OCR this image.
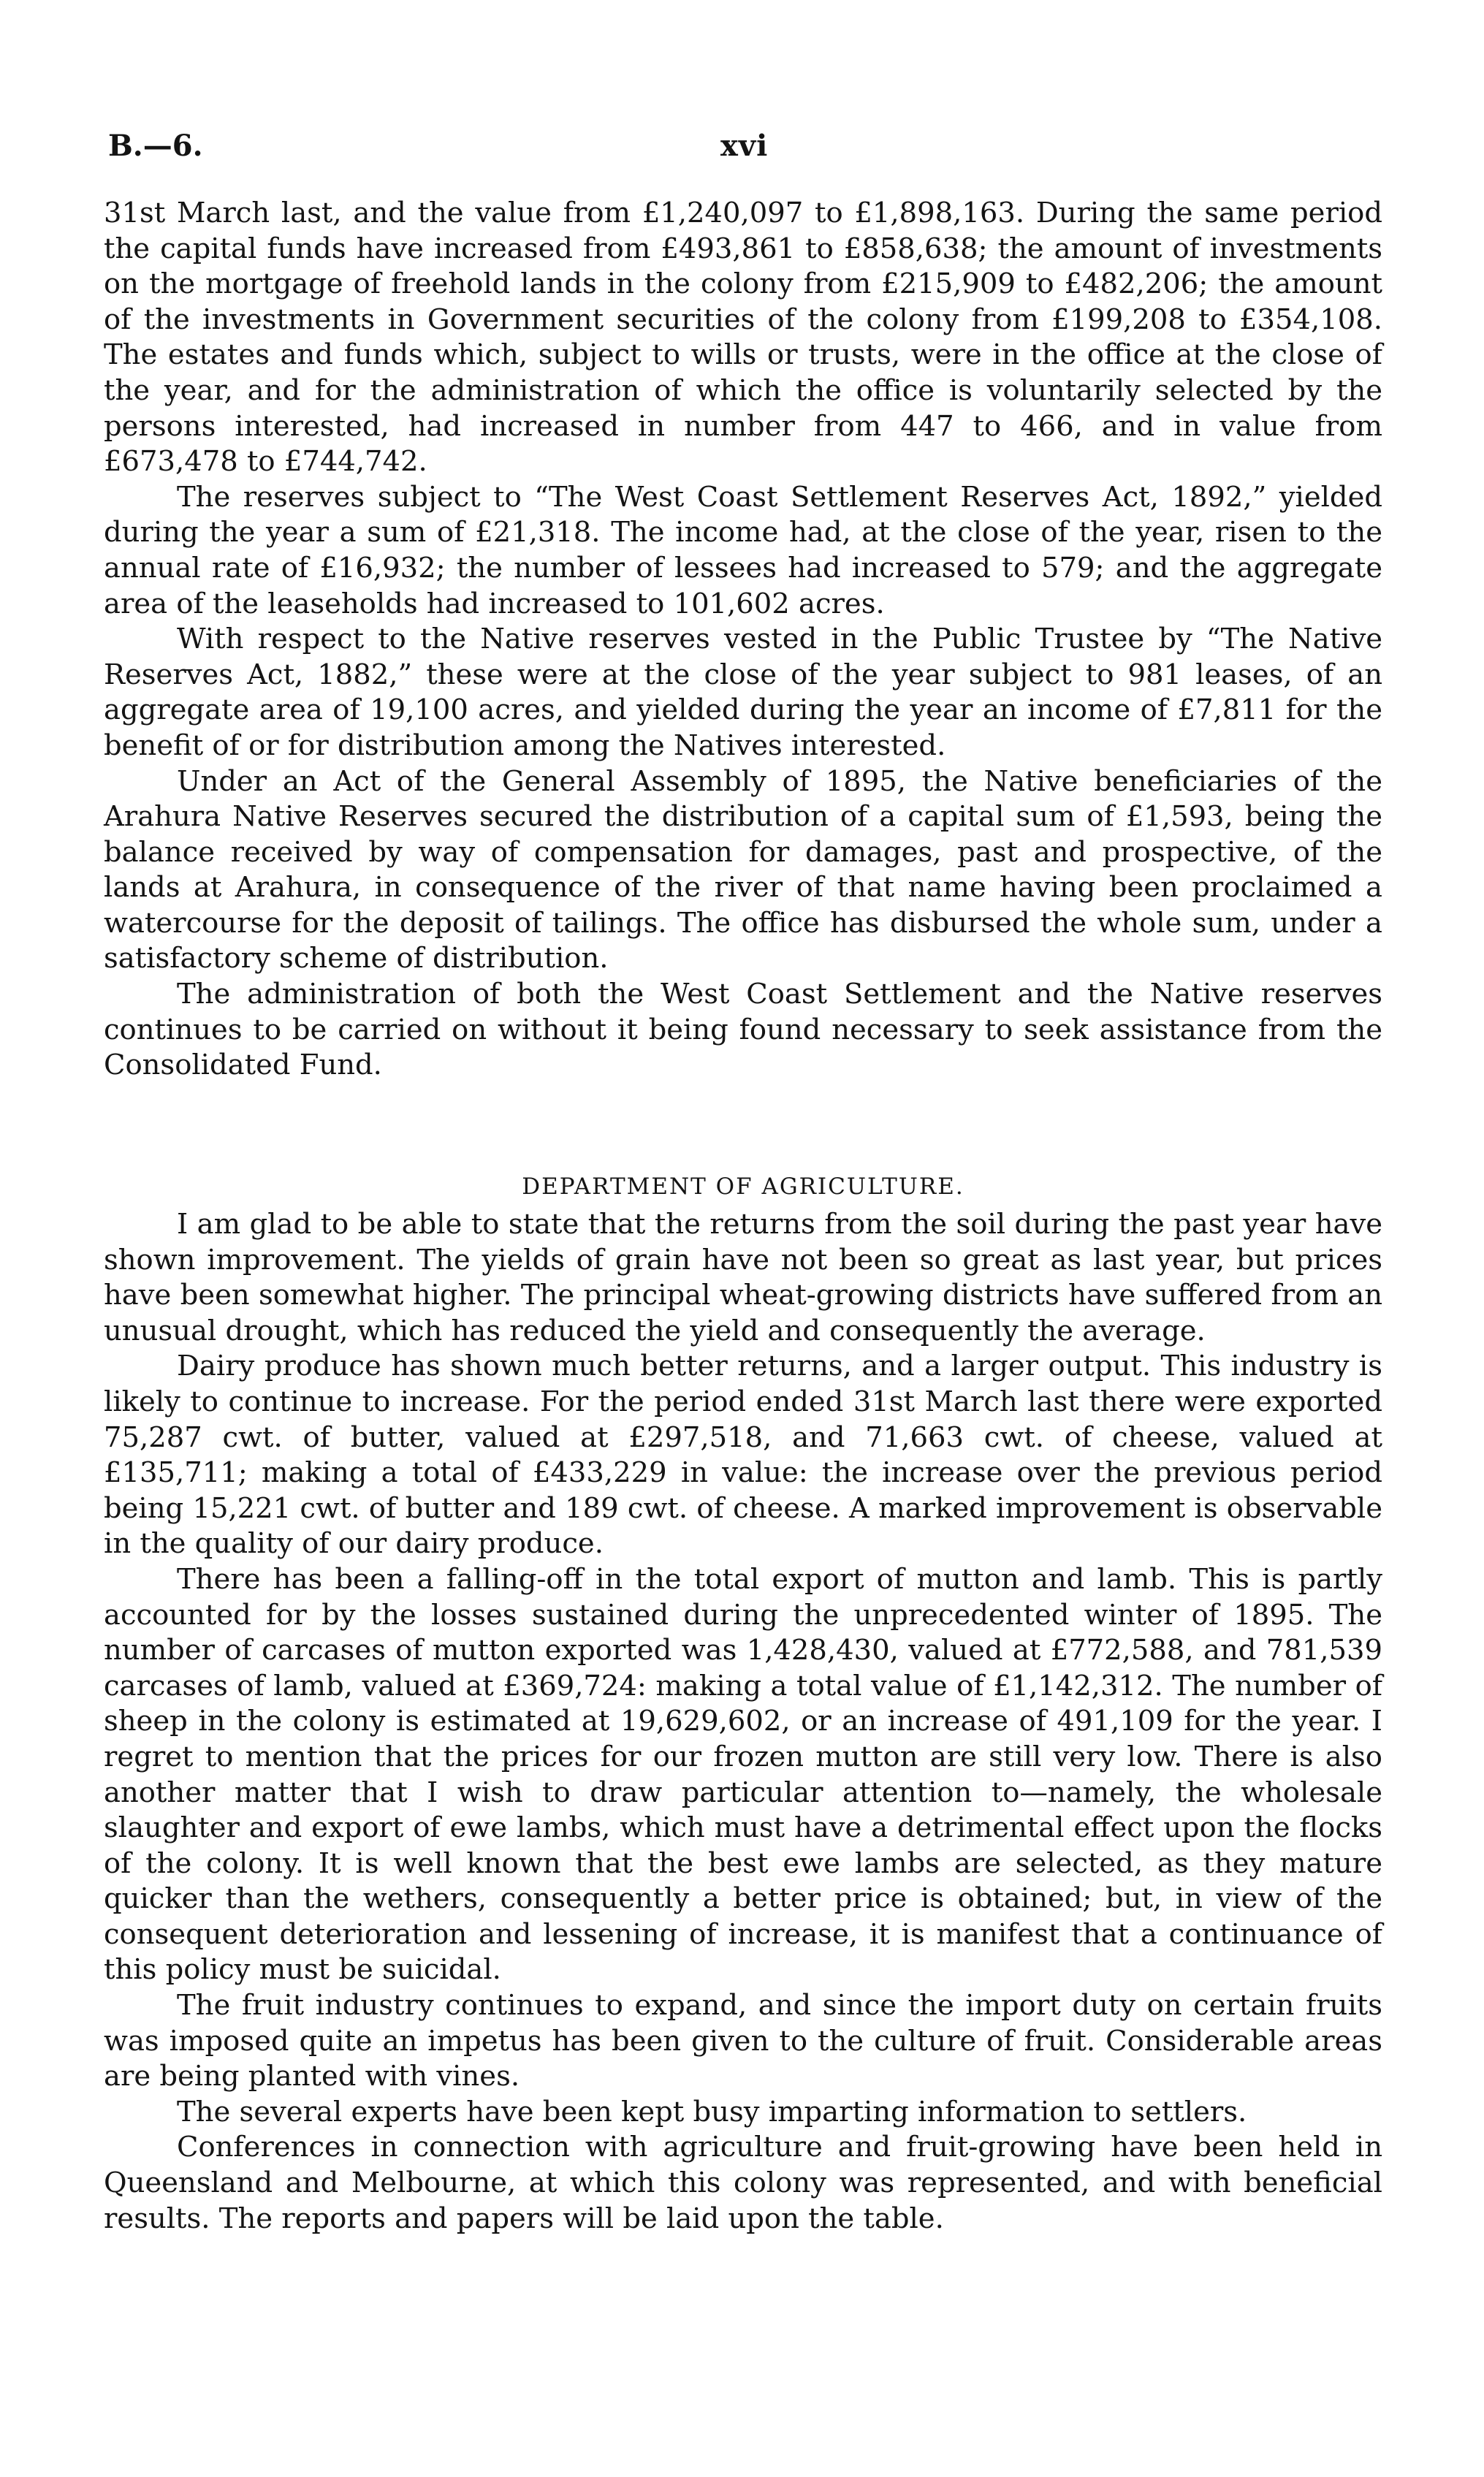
B.—6.	xvi

31st March last, and the value from £1,240,097 to £1,898,163. During the same period the capital funds have increased from £493,861 to £858,638; the amount of investments on the mortgage of freehold lands in the colony from £215,909 to £482,206; the amount of the investments in Government securities of the colony from £199,208 to £354,108. The estates and funds which, subject to wills or trusts, were in the office at the close of the year, and for the administration of which the office is voluntarily selected by the persons interested, had increased in number from 447 to 466, and in value from £673,478 to £744,742.

The reserves subject to “The West Coast Settlement Reserves Act, 1892,” yielded during the year a sum of £21,318. The income had, at the close of the year, risen to the annual rate of £16,932; the number of lessees had increased to 579; and the aggregate area of the leaseholds had increased to 101,602 acres.

With respect to the Native reserves vested in the Public Trustee by “The Native Reserves Act, 1882,” these were at the close of the year subject to 981 leases, of an aggregate area of 19,100 acres, and yielded during the year an income of £7,811 for the benefit of or for distribution among the Natives interested.

Under an Act of the General Assembly of 1895, the Native beneficiaries of the Arahura Native Reserves secured the distribution of a capital sum of £1,593, being the balance received by way of compensation for damages, past and prospective, of the lands at Arahura, in consequence of the river of that name having been proclaimed a watercourse for the deposit of tailings. The office has disbursed the whole sum, under a satisfactory scheme of distribution.

The administration of both the West Coast Settlement and the Native reserves continues to be carried on without it being found necessary to seek assistance from the Consolidated Fund.

DEPARTMENT OF AGRICULTURE.

I am glad to be able to state that the returns from the soil during the past year have shown improvement. The yields of grain have not been so great as last year, but prices have been somewhat higher. The principal wheat-growing districts have suffered from an unusual drought, which has reduced the yield and consequently the average.

Dairy produce has shown much better returns, and a larger output. This industry is likely to continue to increase. For the period ended 31st March last there were exported 75,287 cwt. of butter, valued at £297,518, and 71,663 cwt. of cheese, valued at £135,711; making a total of £433,229 in value: the increase over the previous period being 15,221 cwt. of butter and 189 cwt. of cheese. A marked improvement is observable in the quality of our dairy produce.

There has been a falling-off in the total export of mutton and lamb. This is partly accounted for by the losses sustained during the unprecedented winter of 1895. The number of carcases of mutton exported was 1,428,430, valued at £772,588, and 781,539 carcases of lamb, valued at £369,724: making a total value of £1,142,312. The number of sheep in the colony is estimated at 19,629,602, or an increase of 491,109 for the year. I regret to mention that the prices for our frozen mutton are still very low. There is also another matter that I wish to draw particular attention to—namely, the wholesale slaughter and export of ewe lambs, which must have a detrimental effect upon the flocks of the colony. It is well known that the best ewe lambs are selected, as they mature quicker than the wethers, consequently a better price is obtained; but, in view of the consequent deterioration and lessening of increase, it is manifest that a continuance of this policy must be suicidal.

The fruit industry continues to expand, and since the import duty on certain fruits was imposed quite an impetus has been given to the culture of fruit. Considerable areas are being planted with vines.

The several experts have been kept busy imparting information to settlers.

Conferences in connection with agriculture and fruit-growing have been held in Queensland and Melbourne, at which this colony was represented, and with beneficial results. The reports and papers will be laid upon the table.
